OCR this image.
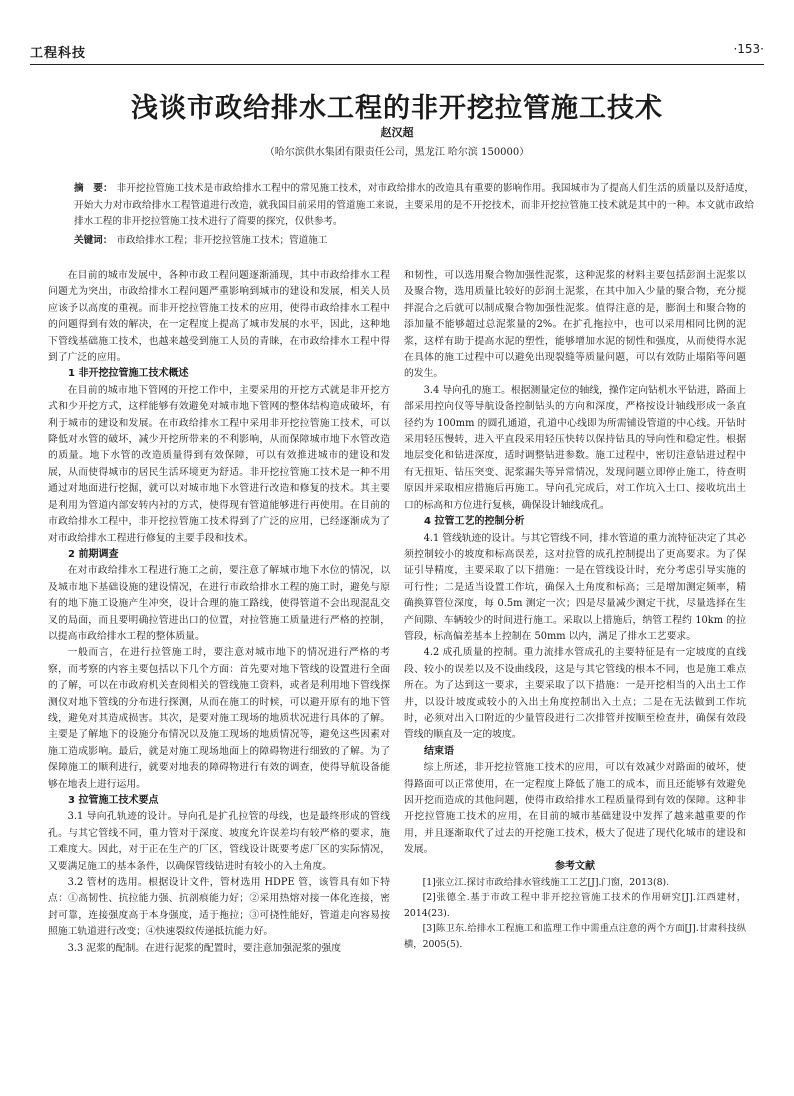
工程科技	·153·
浅谈市政给排水工程的非开挖拉管施工技术
赵汉超
（哈尔滨供水集团有限责任公司，黑龙江 哈尔滨 150000）
摘　要： 非开挖拉管施工技术是市政给排水工程中的常见施工技术，对市政给排水的改造具有重要的影响作用。我国城市为了提高人们生活的质量以及舒适度，开始大力对市政给排水工程管道进行改造，就我国目前采用的管道施工来说，主要采用的是不开挖技术，而非开挖拉管施工技术就是其中的一种。本文就市政给排水工程的非开挖拉管施工技术进行了简要的探究，仅供参考。
关键词： 市政给排水工程；非开挖拉管施工技术；管道施工

在目前的城市发展中，各种市政工程问题逐渐涌现，其中市政给排水工程问题尤为突出，市政给排水工程问题严重影响到城市的建设和发展，相关人员应该予以高度的重视。而非开挖拉管施工技术的应用，使得市政给排水工程中的问题得到有效的解决，在一定程度上提高了城市发展的水平，因此，这种地下管线基础施工技术，也越来越受到施工人员的青睐，在市政给排水工程中得到了广泛的应用。

1 非开挖拉管施工技术概述

在目前的城市地下管网的开挖工作中，主要采用的开挖方式就是非开挖方式和少开挖方式，这样能够有效避免对城市地下管网的整体结构造成破坏，有利于城市的建设和发展。在市政给排水工程中采用非开挖拉管施工技术，可以降低对水管的破坏，减少开挖所带来的不利影响，从而保障城市地下水管改造的质量。地下水管的改造质量得到有效保障，可以有效推进城市的建设和发展，从而使得城市的居民生活环境更为舒适。非开挖拉管施工技术是一种不用通过对地面进行挖掘，就可以对城市地下水管进行改造和修复的技术。其主要是利用为管道内部安转内衬的方式，使得现有管道能够进行再使用。在目前的市政给排水工程中，非开挖拉管施工技术得到了广泛的应用，已经逐渐成为了对市政给排水工程进行修复的主要手段和技术。

2 前期调查

在对市政给排水工程进行施工之前，要注意了解城市地下水位的情况，以及城市地下基础设施的建设情况，在进行市政给排水工程的施工时，避免与原有的地下施工设施产生冲突，设计合理的施工路线，使得管道不会出现混乱交叉的局面，而且要明确拉管进出口的位置，对拉管施工质量进行严格的控制，以提高市政给排水工程的整体质量。

一般而言，在进行拉管施工时，要注意对城市地下的情况进行严格的考察，而考察的内容主要包括以下几个方面：首先要对地下管线的设置进行全面的了解，可以在市政府机关查阅相关的管线施工资料，或者是利用地下管线探测仪对地下管线的分布进行探测，从而在施工的时候，可以避开原有的地下管线，避免对其造成损害。其次，是要对施工现场的地质状况进行具体的了解。主要是了解地下的设施分布情况以及施工现场的地质情况等，避免这些因素对施工造成影响。最后，就是对施工现场地面上的障碍物进行细致的了解。为了保障施工的顺利进行，就要对地表的障碍物进行有效的调查，使得导航设备能够在地表上进行运用。

3 拉管施工技术要点

3.1 导向孔轨迹的设计。导向孔是扩孔拉管的母线，也是最终形成的管线孔。与其它管线不同，重力管对于深度、坡度允许误差均有较严格的要求，施工难度大。因此，对于正在生产的厂区，管线设计既要考虑厂区的实际情况，又要满足施工的基本条件，以确保管线钻进时有较小的入土角度。

3.2 管材的选用。根据设计文件，管材选用 HDPE 管，该管具有如下特点：①高韧性、抗拉能力强、抗剖痕能力好；②采用热熔对接一体化连接，密封可靠，连接强度高于本身强度，适于拖拉；③可挠性能好，管道走向容易按照施工轨道进行改变；④快速裂纹传递抵抗能力好。

3.3 泥浆的配制。在进行泥浆的配置时，要注意加强泥浆的强度

和韧性，可以选用聚合物加强性泥浆，这种泥浆的材料主要包括彭润土泥浆以及聚合物，选用质量比较好的彭润土泥浆，在其中加入少量的聚合物，充分搅拌混合之后就可以制成聚合物加强性泥浆。值得注意的是，膨润土和聚合物的添加量不能够超过总泥浆量的2%。在扩孔拖拉中，也可以采用相同比例的泥浆，这样有助于提高水泥的塑性，能够增加水泥的韧性和强度，从而使得水泥在具体的施工过程中可以避免出现裂缝等质量问题，可以有效防止塌陷等问题的发生。

3.4 导向孔的施工。根据测量定位的轴线，操作定向钻机水平钻进，路面上部采用控向仪等导航设备控制钻头的方向和深度，严格按设计轴线形成一条直径约为 100mm 的圆孔通道，孔道中心线即为所需铺设管道的中心线。开钻时采用轻压慢转，进入平直段采用轻压快转以保持钻具的导向性和稳定性。根据地层变化和钻进深度，适时调整钻进参数。施工过程中，密切注意钻进过程中有无扭矩、钻压突变、泥浆漏失等异常情况，发现问题立即停止施工，待查明原因并采取相应措施后再施工。导向孔完成后，对工作坑入土口、接收坑出土口的标高和方位进行复核，确保设计轴线成孔。

4 拉管工艺的控制分析

4.1 管线轨迹的设计。与其它管线不同，排水管道的重力流特征决定了其必须控制较小的坡度和标高误差，这对拉管的成孔控制提出了更高要求。为了保证引导精度，主要采取了以下措施：一是在管线设计时，充分考虑引导实施的可行性；二是适当设置工作坑，确保入土角度和标高；三是增加测定频率，精确换算管位深度，每 0.5m 测定一次；四是尽量减少测定干扰，尽量选择在生产间隙、车辆较少的时间进行施工。采取以上措施后，纳管工程约 10km 的拉管段，标高偏差基本上控制在 50mm 以内，满足了排水工艺要求。

4.2 成孔质量的控制。重力流排水管成孔的主要特征是有一定坡度的直线段、较小的误差以及不设曲线段，这是与其它管线的根本不同，也是施工难点所在。为了达到这一要求，主要采取了以下措施：一是开挖相当的入出土工作井，以设计坡度或较小的入出土角度控制出入土点；二是在无法做到工作坑时，必须对出入口附近的少量管段进行二次排管并按顺至检查井，确保有效段管线的顺直及一定的坡度。

结束语

综上所述，非开挖拉管施工技术的应用，可以有效减少对路面的破坏，使得路面可以正常使用，在一定程度上降低了施工的成本，而且还能够有效避免因开挖而造成的其他问题，使得市政给排水工程质量得到有效的保障。这种非开挖拉管施工技术的应用，在目前的城市基础建设中发挥了越来越重要的作用，并且逐渐取代了过去的开挖施工技术，极大了促进了现代化城市的建设和发展。

参考文献

[1]张立江.探讨市政给排水管线施工工艺[J].门窗，2013(8).

[2]张德全.基于市政工程中非开挖拉管施工技术的作用研究[J].江西建材，2014(23).

[3]陈卫东.给排水工程施工和监理工作中需重点注意的两个方面[J].甘肃科技纵横，2005(5).
